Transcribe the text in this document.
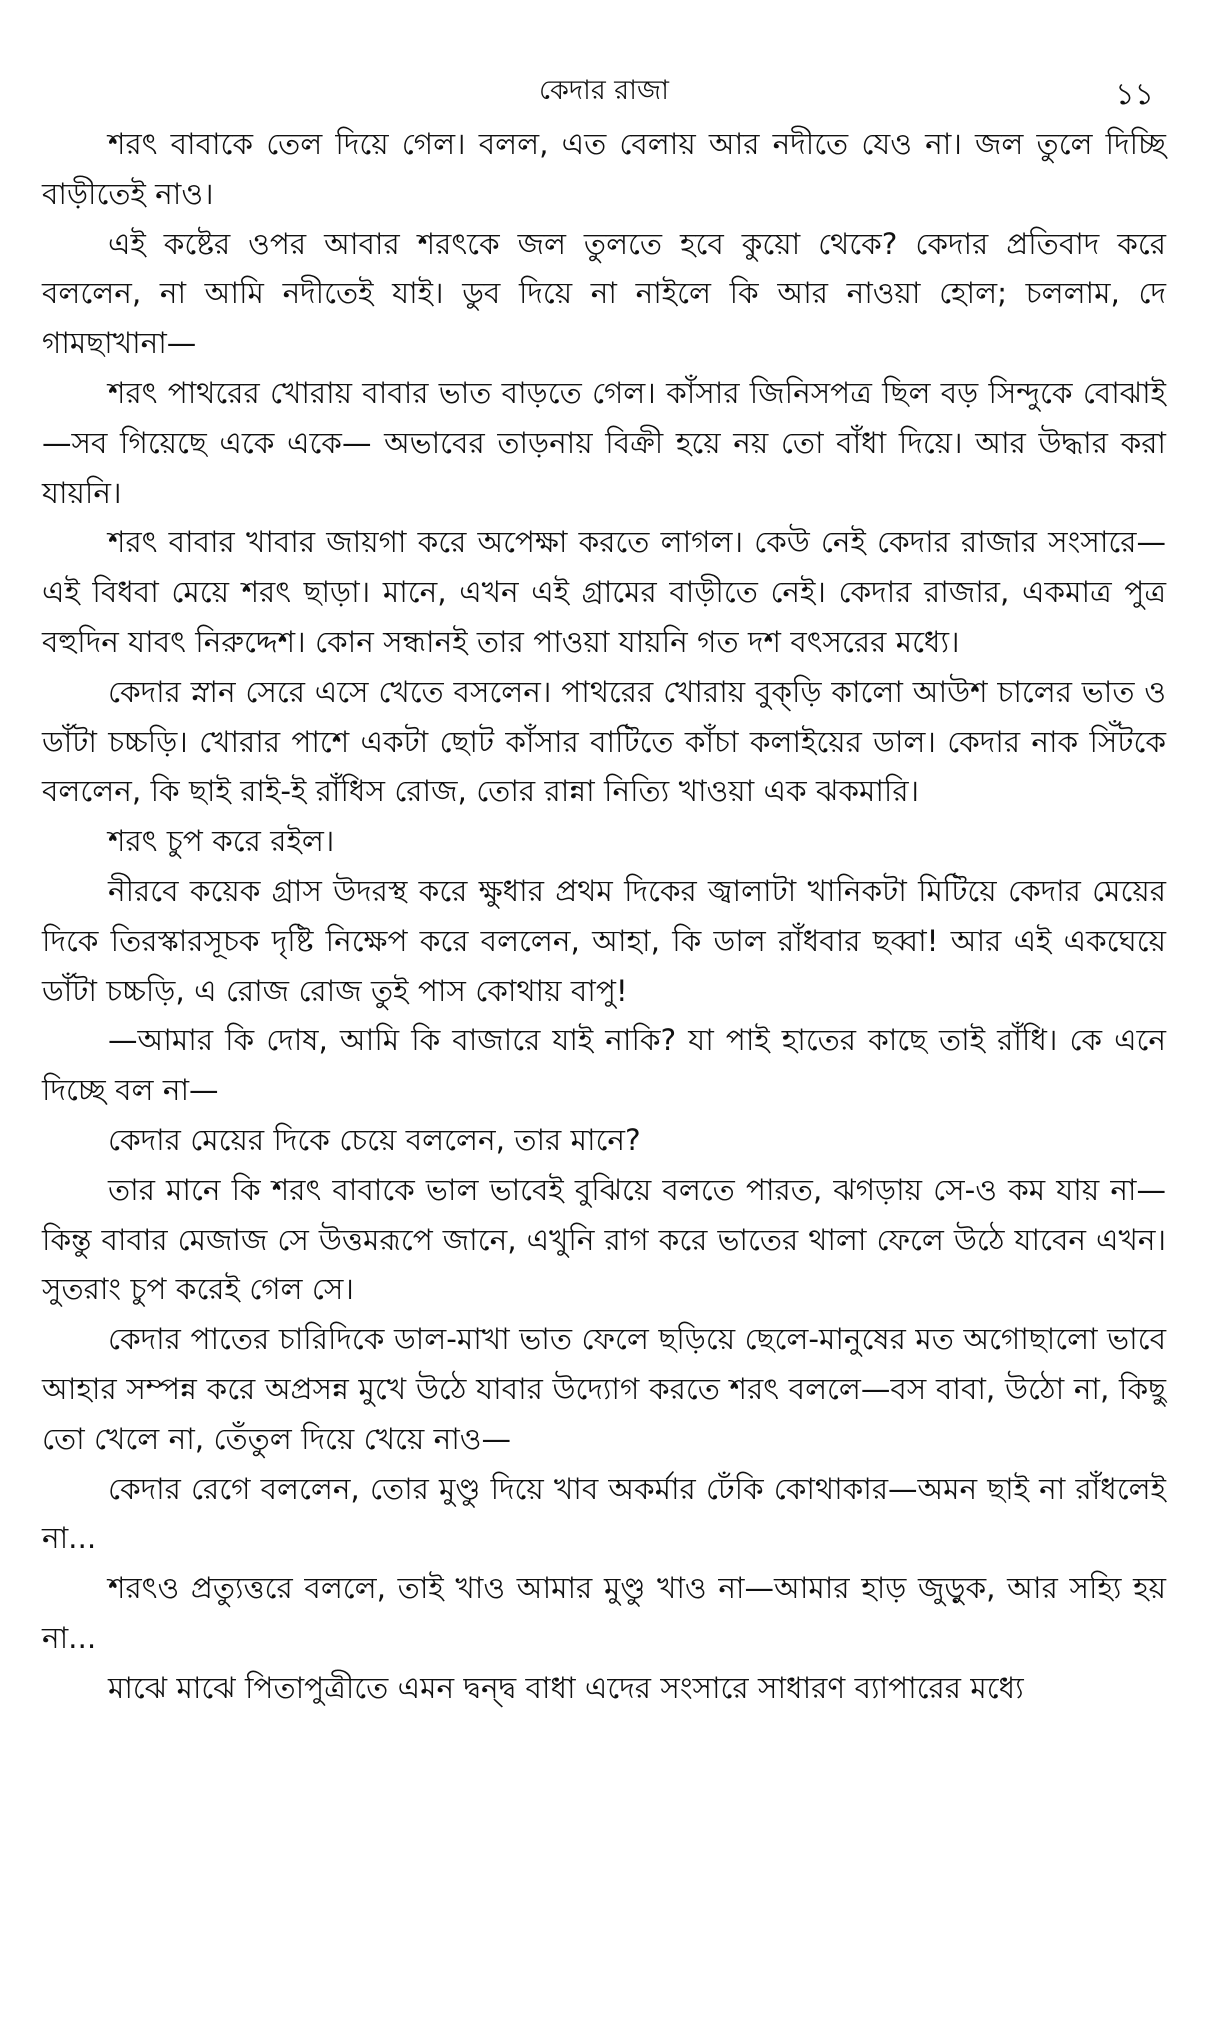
কেদার রাজা	১১

শরৎ বাবাকে তেল দিয়ে গেল। বলল, এত বেলায় আর নদীতে যেও না। জল তুলে দিচ্ছি বাড়ীতেই নাও।

এই কষ্টের ওপর আবার শরৎকে জল তুলতে হবে কুয়ো থেকে? কেদার প্রতিবাদ করে বললেন, না আমি নদীতেই যাই। ডুব দিয়ে না নাইলে কি আর নাওয়া হোল; চললাম, দে গামছাখানা—

শরৎ পাথরের খোরায় বাবার ভাত বাড়তে গেল। কাঁসার জিনিসপত্র ছিল বড় সিন্দুকে বোঝাই—সব গিয়েছে একে একে— অভাবের তাড়নায় বিক্রী হয়ে নয় তো বাঁধা দিয়ে। আর উদ্ধার করা যায়নি।

শরৎ বাবার খাবার জায়গা করে অপেক্ষা করতে লাগল। কেউ নেই কেদার রাজার সংসারে—এই বিধবা মেয়ে শরৎ ছাড়া। মানে, এখন এই গ্রামের বাড়ীতে নেই। কেদার রাজার, একমাত্র পুত্র বহুদিন যাবৎ নিরুদ্দেশ। কোন সন্ধানই তার পাওয়া যায়নি গত দশ বৎসরের মধ্যে।

কেদার স্নান সেরে এসে খেতে বসলেন। পাথরের খোরায় বুক্‌ড়ি কালো আউশ চালের ভাত ও ডাঁটা চচ্চড়ি। খোরার পাশে একটা ছোট কাঁসার বাটিতে কাঁচা কলাইয়ের ডাল। কেদার নাক সিঁটকে বললেন, কি ছাই রাই-ই রাঁধিস রোজ, তোর রান্না নিত্যি খাওয়া এক ঝকমারি।

শরৎ চুপ করে রইল।

নীরবে কয়েক গ্রাস উদরস্থ করে ক্ষুধার প্রথম দিকের জ্বালাটা খানিকটা মিটিয়ে কেদার মেয়ের দিকে তিরস্কারসূচক দৃষ্টি নিক্ষেপ করে বললেন, আহা, কি ডাল রাঁধবার ছব্বা! আর এই একঘেয়ে ডাঁটা চচ্চড়ি, এ রোজ রোজ তুই পাস কোথায় বাপু!

—আমার কি দোষ, আমি কি বাজারে যাই নাকি? যা পাই হাতের কাছে তাই রাঁধি। কে এনে দিচ্ছে বল না—

কেদার মেয়ের দিকে চেয়ে বললেন, তার মানে?

তার মানে কি শরৎ বাবাকে ভাল ভাবেই বুঝিয়ে বলতে পারত, ঝগড়ায় সে-ও কম যায় না—কিন্তু বাবার মেজাজ সে উত্তমরূপে জানে, এখুনি রাগ করে ভাতের থালা ফেলে উঠে যাবেন এখন। সুতরাং চুপ করেই গেল সে।

কেদার পাতের চারিদিকে ডাল-মাখা ভাত ফেলে ছড়িয়ে ছেলে-মানুষের মত অগোছালো ভাবে আহার সম্পন্ন করে অপ্রসন্ন মুখে উঠে যাবার উদ্যোগ করতে শরৎ বললে—বস বাবা, উঠো না, কিছু তো খেলে না, তেঁতুল দিয়ে খেয়ে নাও—

কেদার রেগে বললেন, তোর মুণ্ডু দিয়ে খাব অকর্মার ঢেঁকি কোথাকার—অমন ছাই না রাঁধলেই না...

শরৎও প্রত্যুত্তরে বললে, তাই খাও আমার মুণ্ডু খাও না—আমার হাড় জুড়ুক, আর সহ্যি হয় না...

মাঝে মাঝে পিতাপুত্রীতে এমন দ্বন্দ্ব বাধা এদের সংসারে সাধারণ ব্যাপারের মধ্যে
